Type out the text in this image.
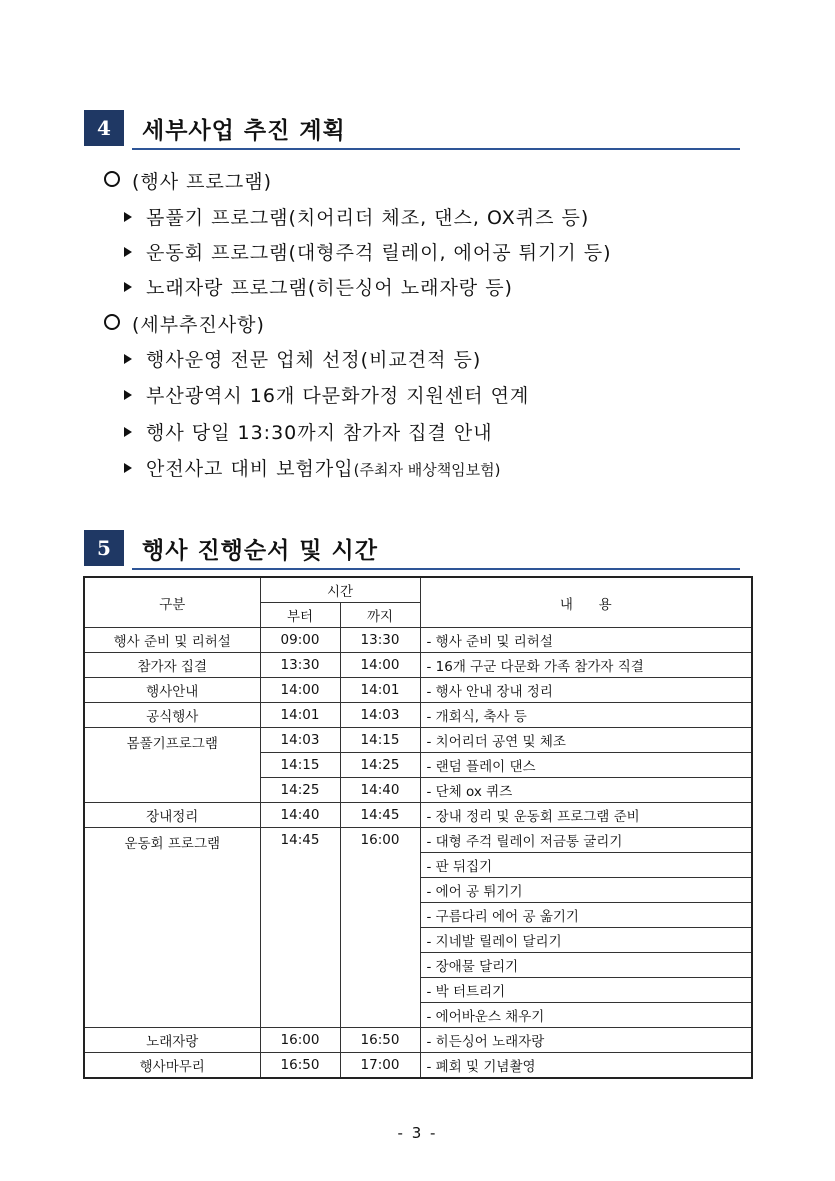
4	세부사업 추진 계획
(행사 프로그램)
몸풀기 프로그램(치어리더 체조, 댄스, OX퀴즈 등)
운동회 프로그램(대형주걱 릴레이, 에어공 튀기기 등)
노래자랑 프로그램(히든싱어 노래자랑 등)
(세부추진사항)
행사운영 전문 업체 선정(비교견적 등)
부산광역시 16개 다문화가정 지원센터 연계
행사 당일 13:30까지 참가자 집결 안내
안전사고 대비 보험가입(주최자 배상책임보험)
5	행사 진행순서 및 시간
구분	시간		내      용
	부터	까지	
행사 준비 및 리허설	09:00	13:30	- 행사 준비 및 리허설
참가자 집결	13:30	14:00	- 16개 구군 다문화 가족 참가자 직결
행사안내	14:00	14:01	- 행사 안내 장내 정리
공식행사	14:01	14:03	- 개회식, 축사 등
몸풀기프로그램	14:03	14:15	- 치어리더 공연 및 체조
	14:15	14:25	- 랜덤 플레이 댄스
	14:25	14:40	- 단체 ox 퀴즈
장내정리	14:40	14:45	- 장내 정리 및 운동회 프로그램 준비
운동회 프로그램	14:45	16:00	- 대형 주걱 릴레이 저금통 굴리기
			- 판 뒤집기
			- 에어 공 튀기기
			- 구름다리 에어 공 옮기기
			- 지네발 릴레이 달리기
			- 장애물 달리기
			- 박 터트리기
			- 에어바운스 채우기
노래자랑	16:00	16:50	- 히든싱어 노래자랑
행사마무리	16:50	17:00	- 폐회 및 기념촬영
- 3 -
